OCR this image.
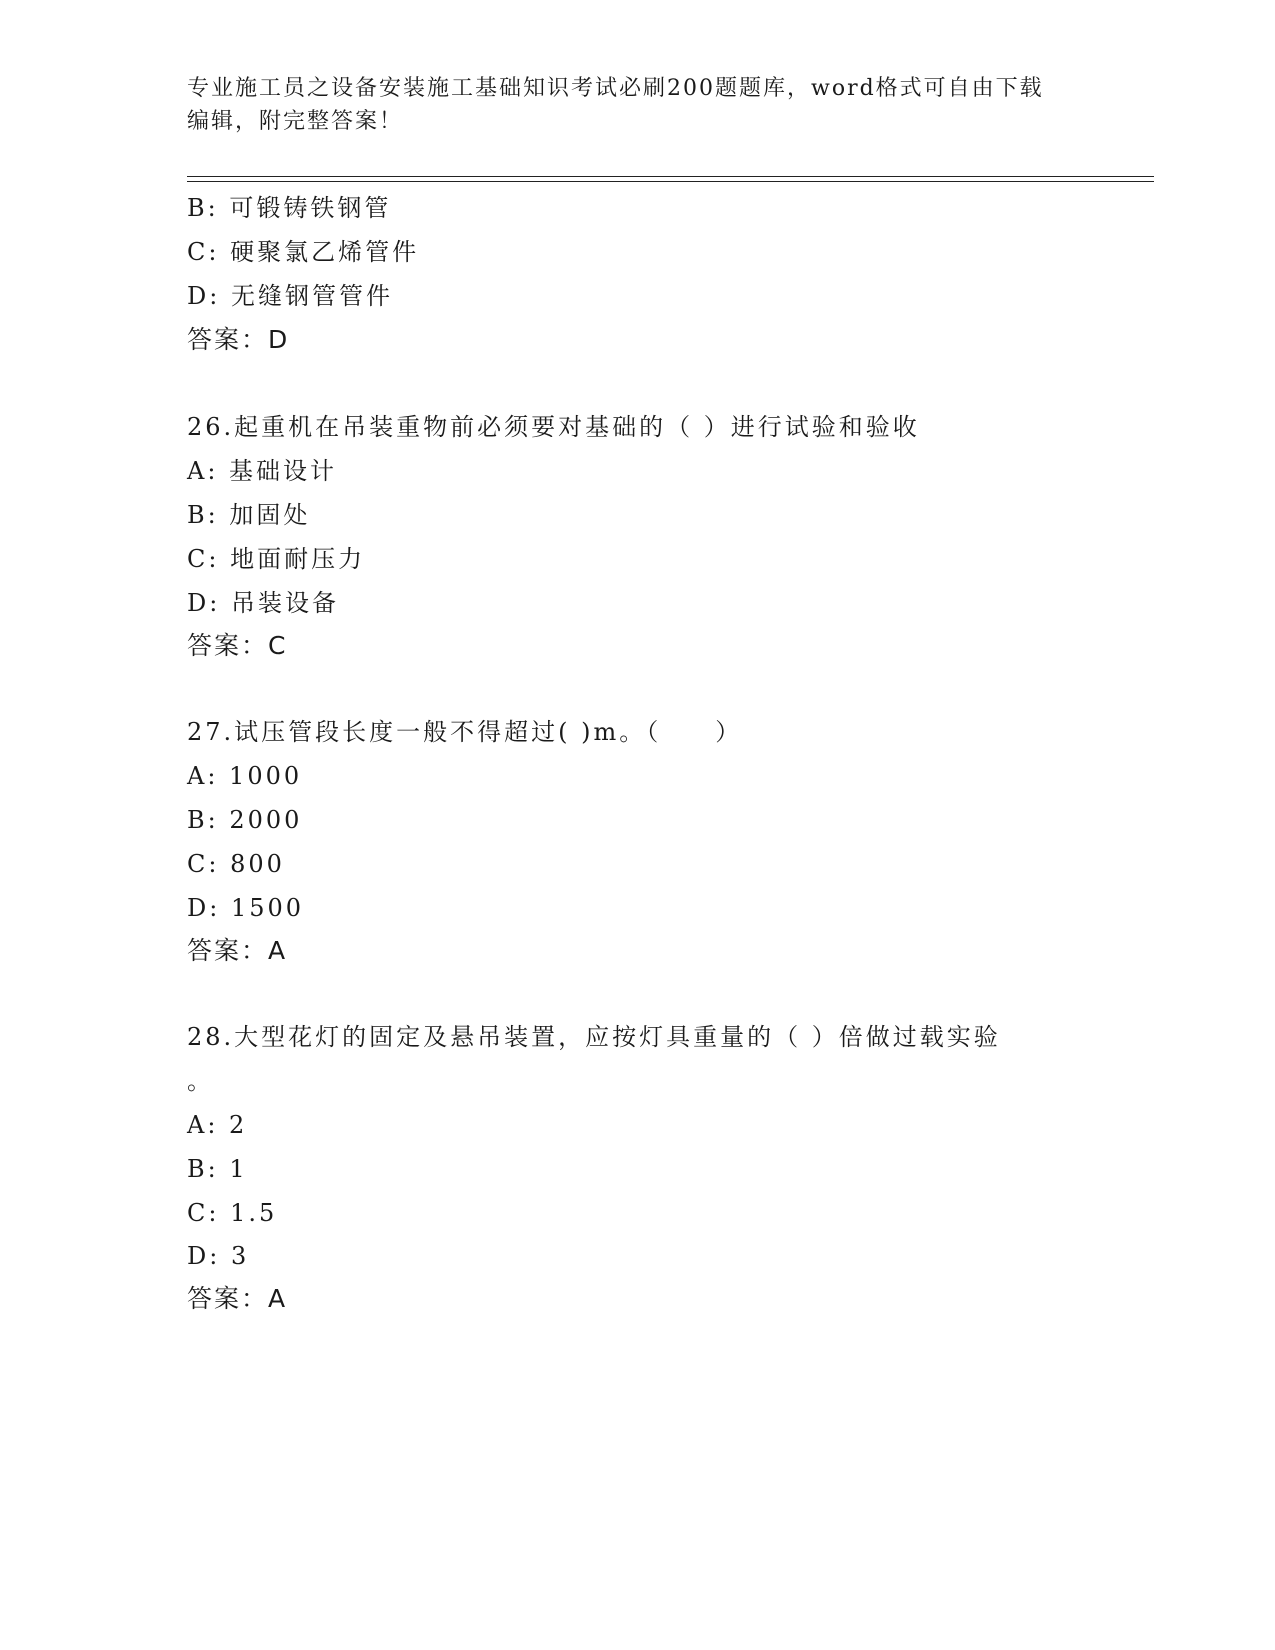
专业施工员之设备安装施工基础知识考试必刷200题题库，word格式可自由下载
编辑，附完整答案！
B: 可锻铸铁钢管
C: 硬聚氯乙烯管件
D: 无缝钢管管件
答案：D
26.起重机在吊装重物前必须要对基础的（ ）进行试验和验收
A: 基础设计
B: 加固处
C: 地面耐压力
D: 吊装设备
答案：C
27.试压管段长度一般不得超过( )m。（　　）
A: 1000
B: 2000
C: 800
D: 1500
答案：A
28.大型花灯的固定及悬吊装置，应按灯具重量的（ ）倍做过载实验
。
A: 2
B: 1
C: 1.5
D: 3
答案：A
